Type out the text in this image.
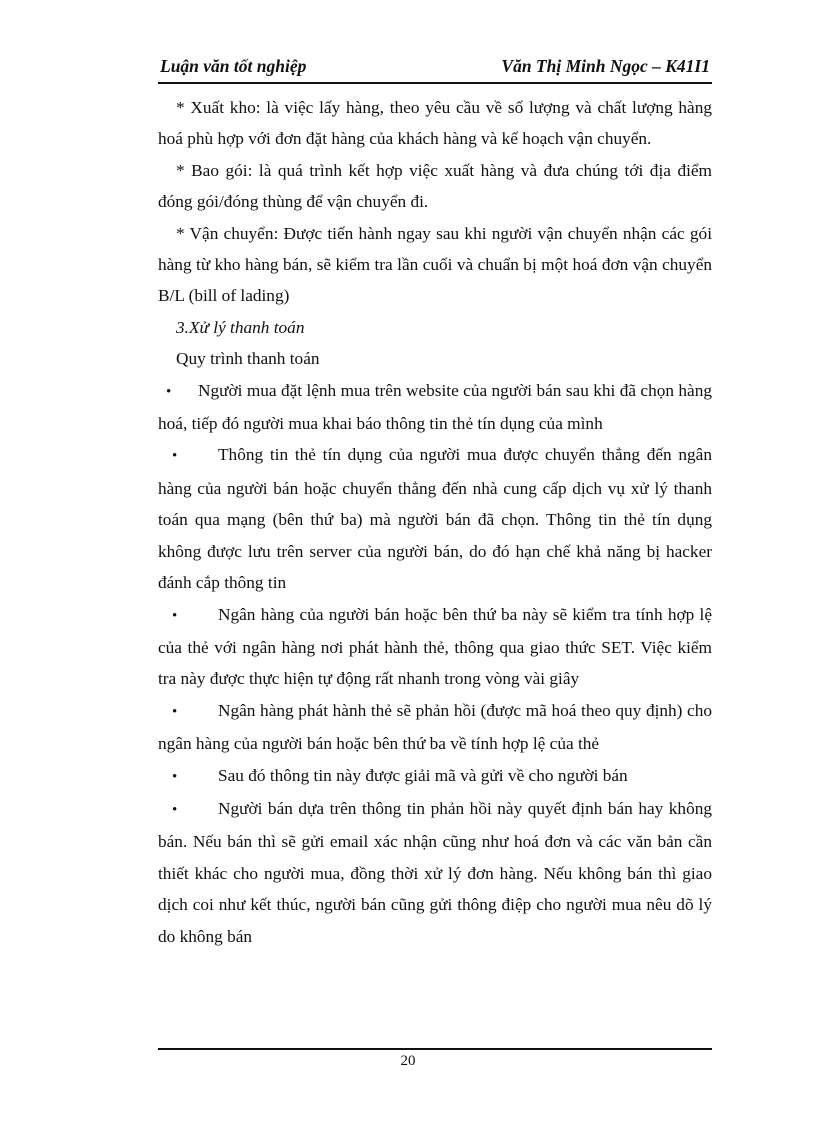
Luận văn tốt nghiệp	Văn Thị Minh Ngọc – K41I1

* Xuất kho: là việc lấy hàng, theo yêu cầu về số lượng và chất lượng hàng hoá phù hợp với đơn đặt hàng của khách hàng và kế hoạch vận chuyển.

* Bao gói: là quá trình kết hợp việc xuất hàng và đưa chúng tới địa điểm đóng gói/đóng thùng để vận chuyển đi.

* Vận chuyển: Được tiến hành ngay sau khi người vận chuyển nhận các gói hàng từ kho hàng bán, sẽ kiểm tra lần cuối và chuẩn bị một hoá đơn vận chuyển B/L (bill of lading)

3.Xử lý thanh toán

Quy trình thanh toán

• Người mua đặt lệnh mua trên website của người bán sau khi đã chọn hàng hoá, tiếp đó người mua khai báo thông tin thẻ tín dụng của mình

• Thông tin thẻ tín dụng của người mua được chuyển thẳng đến ngân hàng của người bán hoặc chuyển thẳng đến nhà cung cấp dịch vụ xử lý thanh toán qua mạng (bên thứ ba) mà người bán đã chọn. Thông tin thẻ tín dụng không được lưu trên server của người bán, do đó hạn chế khả năng bị hacker đánh cắp thông tin

• Ngân hàng của người bán hoặc bên thứ ba này sẽ kiểm tra tính hợp lệ của thẻ với ngân hàng nơi phát hành thẻ, thông qua giao thức SET. Việc kiểm tra này được thực hiện tự động rất nhanh trong vòng vài giây

• Ngân hàng phát hành thẻ sẽ phản hồi (được mã hoá theo quy định) cho ngân hàng của người bán hoặc bên thứ ba về tính hợp lệ của thẻ

• Sau đó thông tin này được giải mã và gửi về cho người bán

• Người bán dựa trên thông tin phản hồi này quyết định bán hay không bán. Nếu bán thì sẽ gửi email xác nhận cũng như hoá đơn và các văn bản cần thiết khác cho người mua, đồng thời xử lý đơn hàng. Nếu không bán thì giao dịch coi như kết thúc, người bán cũng gửi thông điệp cho người mua nêu dõ lý do không bán

20
